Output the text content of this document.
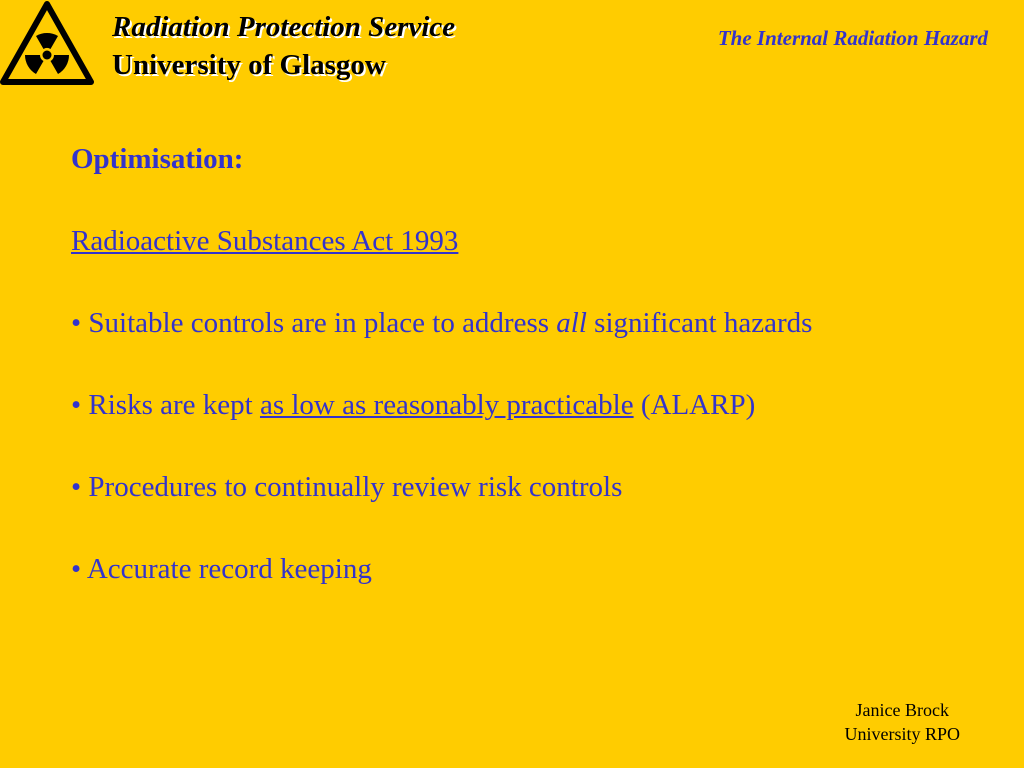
Radiation Protection Service
University of Glasgow
The Internal Radiation Hazard
Optimisation:
Radioactive Substances Act 1993
• Suitable controls are in place to address all significant hazards
• Risks are kept as low as reasonably practicable (ALARP)
• Procedures to continually review risk controls
• Accurate record keeping
Janice Brock
University RPO
